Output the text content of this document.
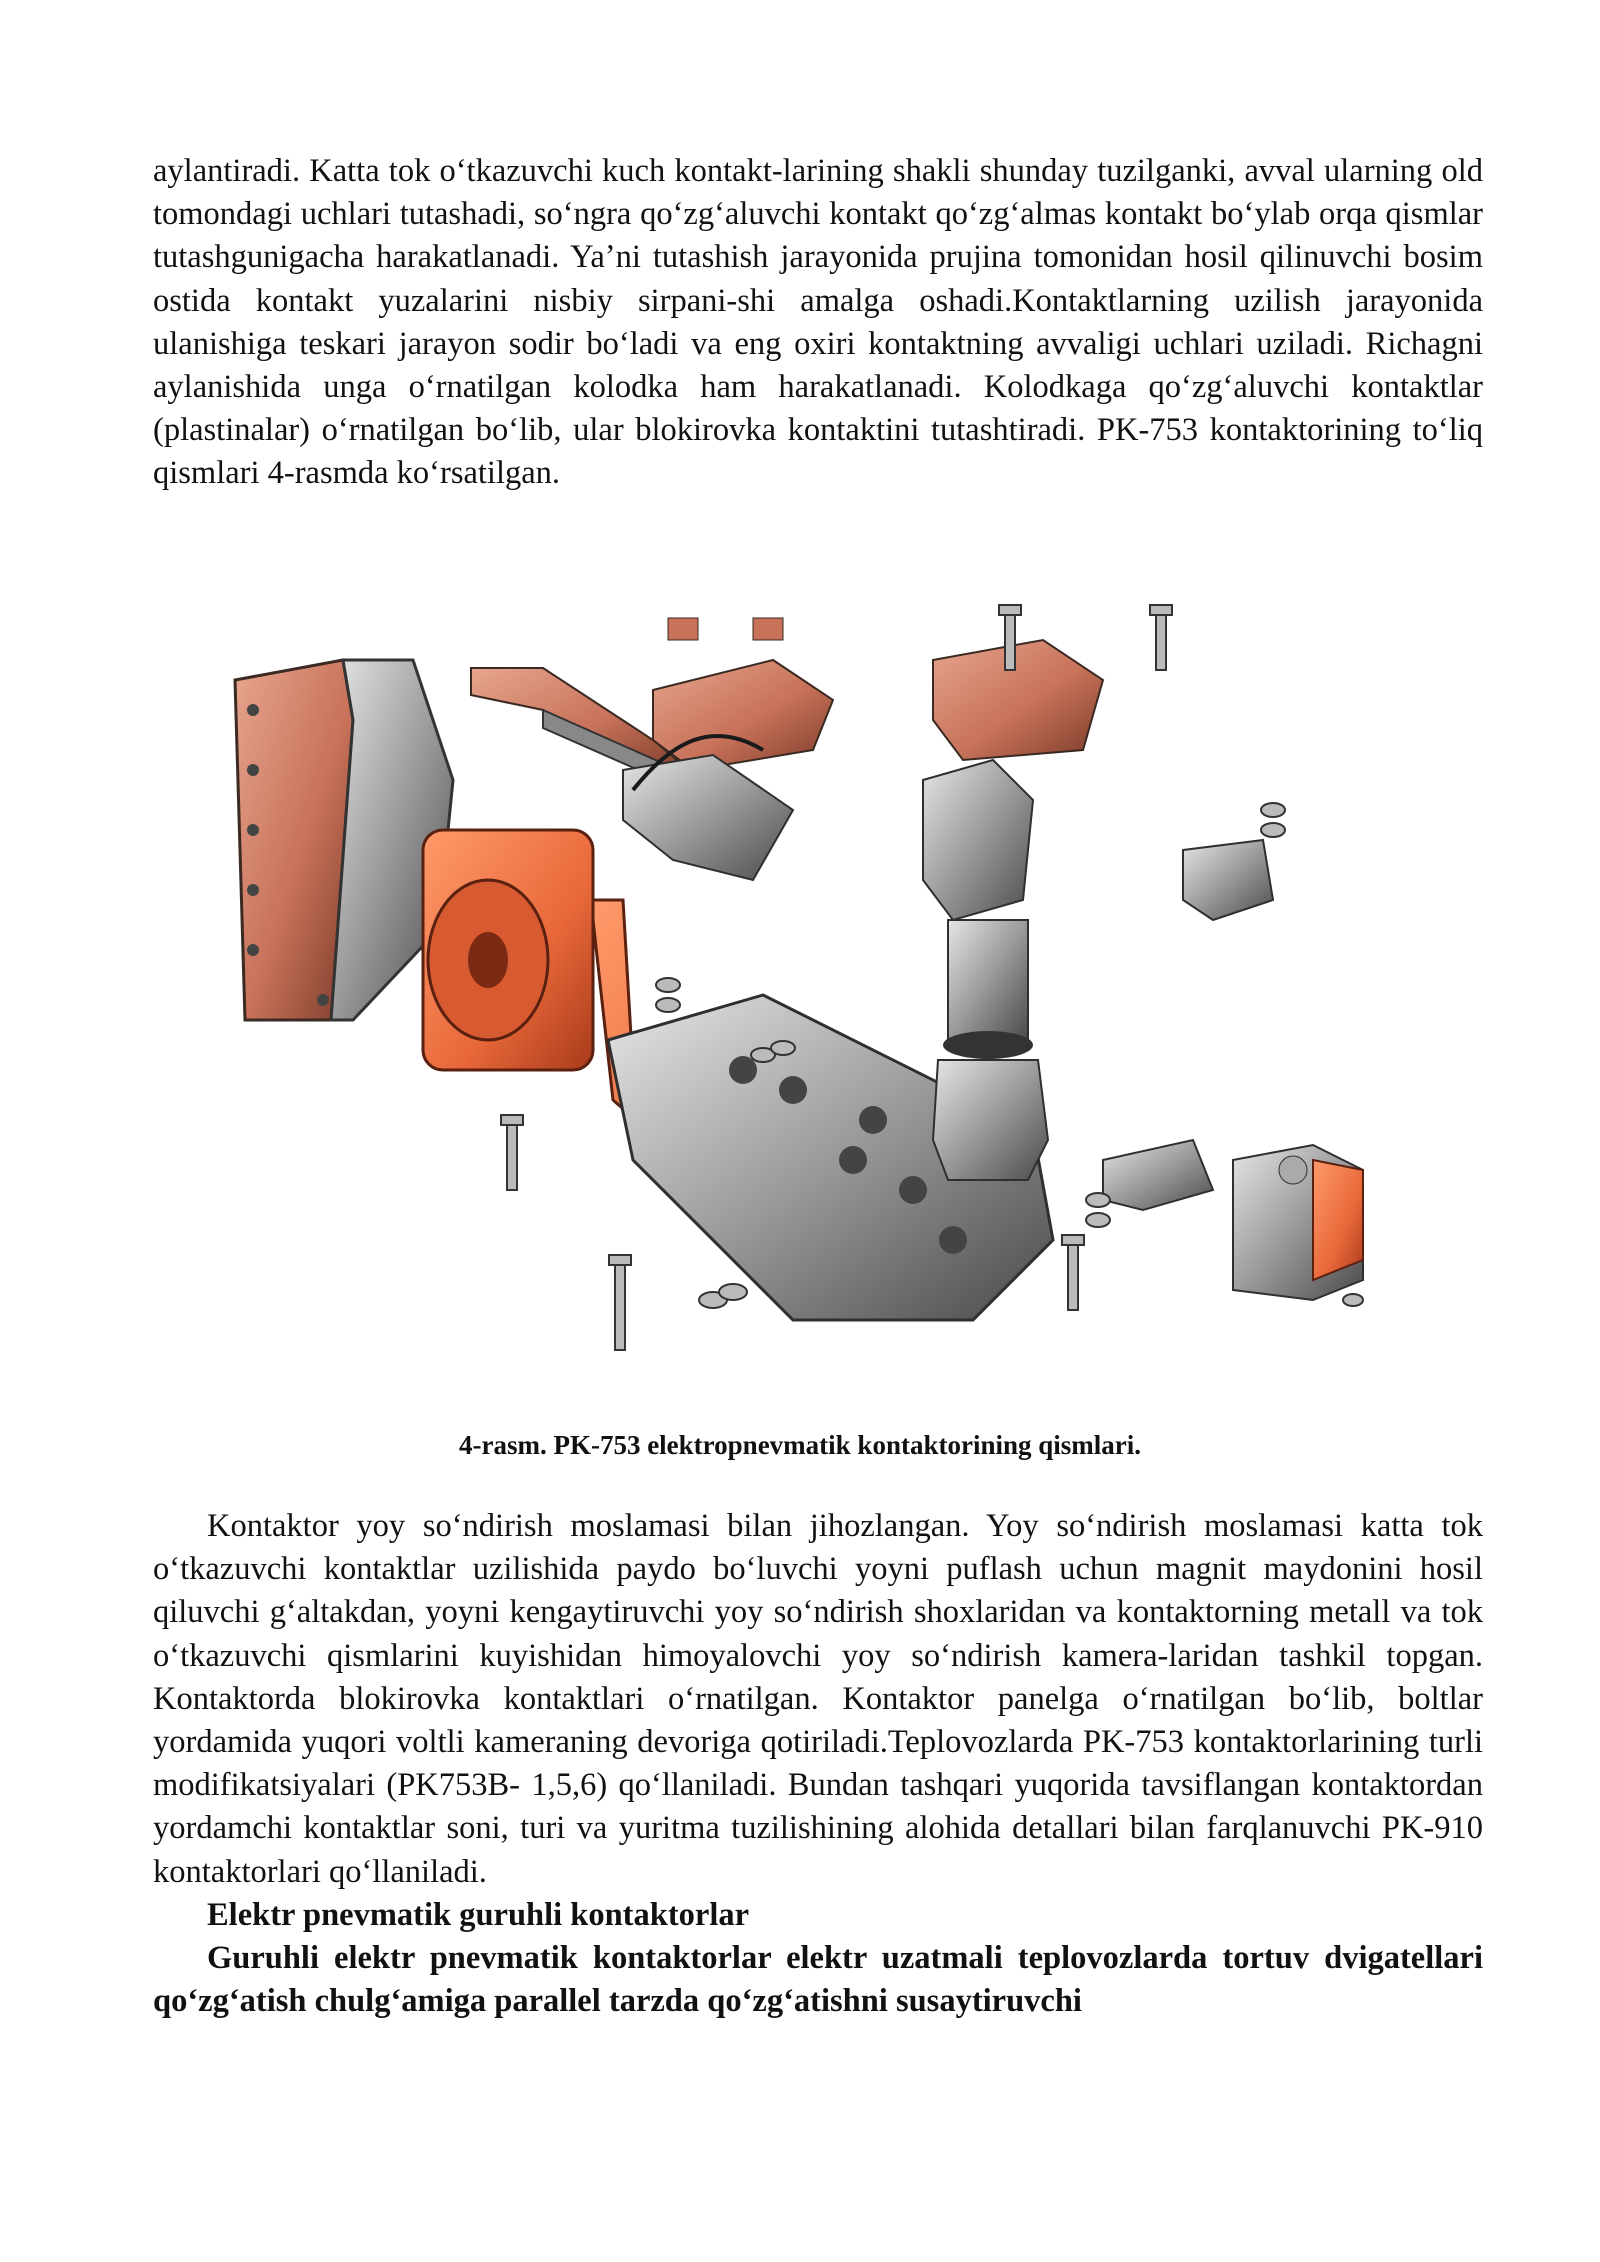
aylantiradi. Katta tok oʻtkazuvchi kuch kontakt-larining shakli shunday tuzilganki, avval ularning old tomondagi uchlari tutashadi, soʻngra qoʻzgʻaluvchi kontakt qoʻzgʻalmas kontakt boʻylab orqa qismlar tutashgunigacha harakatlanadi. Yaʼni tutashish jarayonida prujina tomonidan hosil qilinuvchi bosim ostida kontakt yuzalarini nisbiy sirpani-shi amalga oshadi.Kontaktlarning uzilish jarayonida ulanishiga teskari jarayon sodir boʻladi va eng oxiri kontaktning avvaligi uchlari uziladi. Richagni aylanishida unga oʻrnatilgan kolodka ham harakatlanadi. Kolodkaga qoʻzgʻaluvchi kontaktlar (plastinalar) oʻrnatilgan boʻlib, ular blokirovka kontaktini tutashtiradi. PK-753 kontaktorining toʻliq qismlari 4-rasmda koʻrsatilgan.

4-rasm. PK-753 elektropnevmatik kontaktorining qismlari.

Kontaktor yoy soʻndirish moslamasi bilan jihozlangan. Yoy soʻndirish moslamasi katta tok oʻtkazuvchi kontaktlar uzilishida paydo boʻluvchi yoyni puflash uchun magnit maydonini hosil qiluvchi gʻaltakdan, yoyni kengaytiruvchi yoy soʻndirish shoxlaridan va kontaktorning metall va tok oʻtkazuvchi qismlarini kuyishidan himoyalovchi yoy soʻndirish kamera-laridan tashkil topgan. Kontaktorda blokirovka kontaktlari oʻrnatilgan. Kontaktor panelga oʻrnatilgan boʻlib, boltlar yordamida yuqori voltli kameraning devoriga qotiriladi.Teplovozlarda PK-753 kontaktorlarining turli modifikatsiyalari (PK753B- 1,5,6) qoʻllaniladi. Bundan tashqari yuqorida tavsiflangan kontaktordan yordamchi kontaktlar soni, turi va yuritma tuzilishining alohida detallari bilan farqlanuvchi PK-910 kontaktorlari qoʻllaniladi.

Elektr pnevmatik guruhli kontaktorlar

Guruhli elektr pnevmatik kontaktorlar elektr uzatmali teplovozlarda tortuv dvigatellari qoʻzgʻatish chulgʻamiga parallel tarzda qoʻzgʻatishni susaytiruvchi
